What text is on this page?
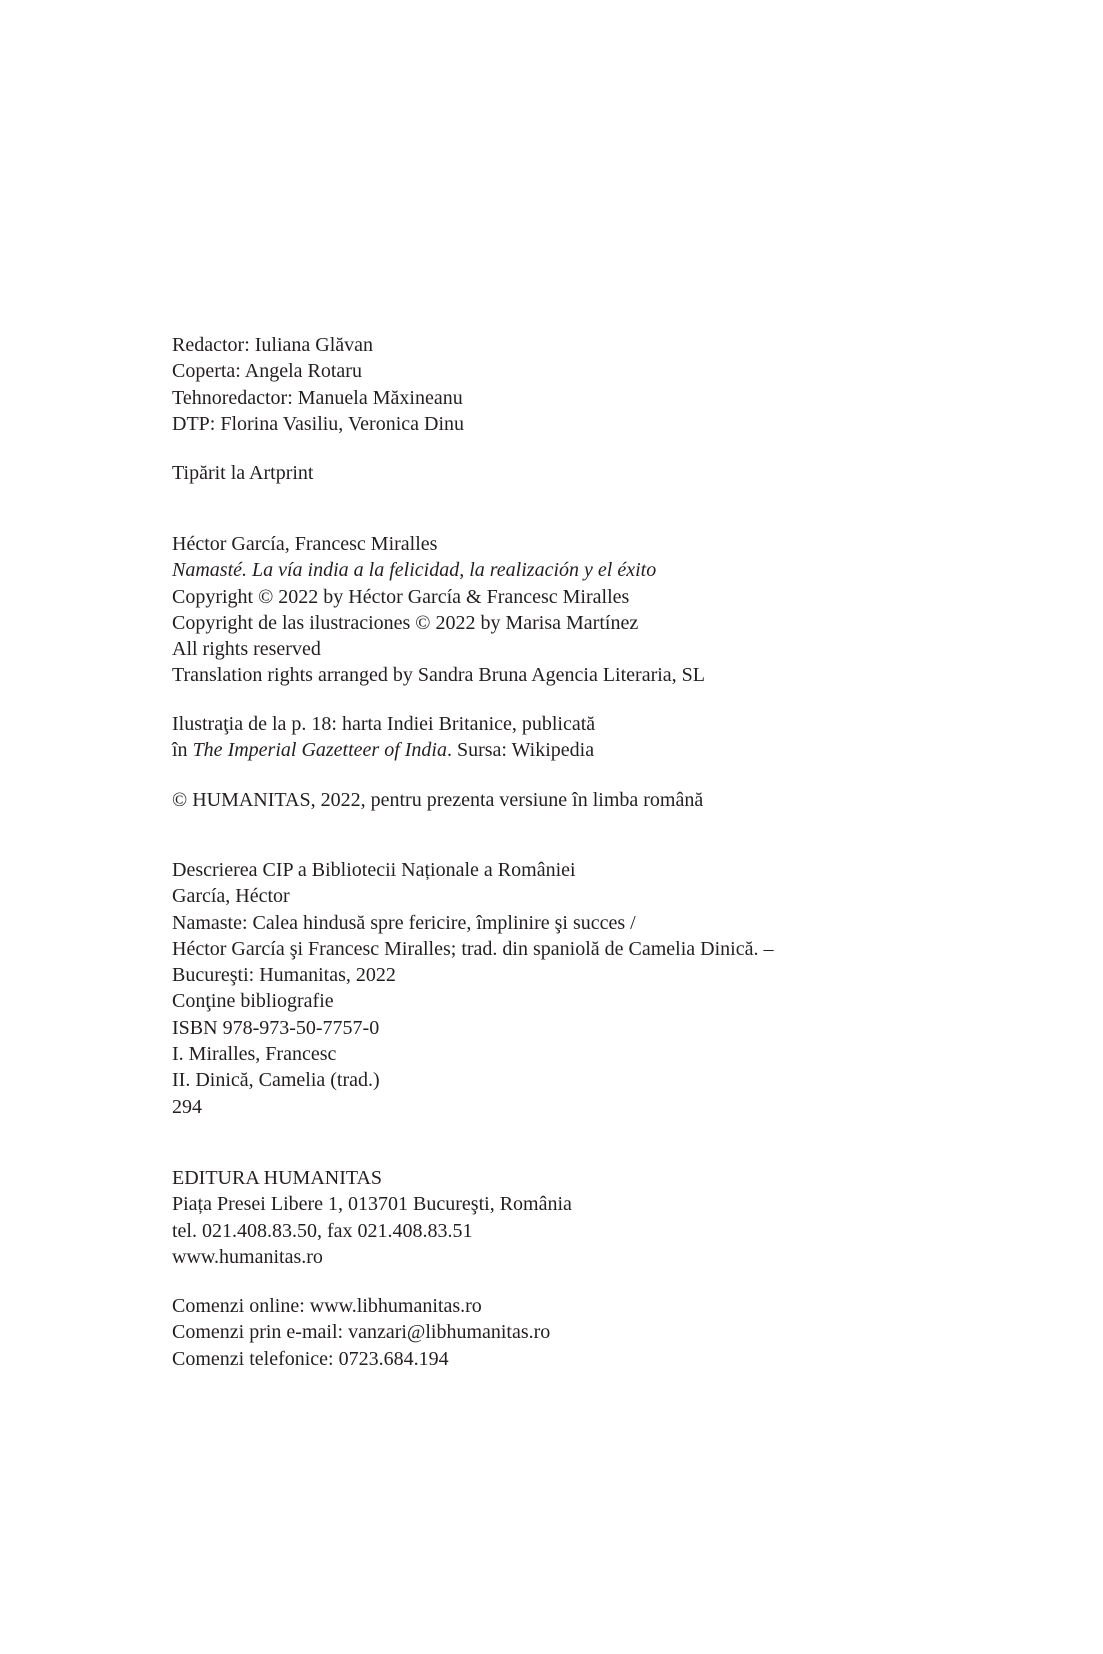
Redactor: Iuliana Glăvan
Coperta: Angela Rotaru
Tehnoredactor: Manuela Măxineanu
DTP: Florina Vasiliu, Veronica Dinu
Tipărit la Artprint
Héctor García, Francesc Miralles
Namasté. La vía india a la felicidad, la realización y el éxito
Copyright © 2022 by Héctor García & Francesc Miralles
Copyright de las ilustraciones © 2022 by Marisa Martínez
All rights reserved
Translation rights arranged by Sandra Bruna Agencia Literaria, SL
Ilustraţia de la p. 18: harta Indiei Britanice, publicată
în The Imperial Gazetteer of India. Sursa: Wikipedia
© HUMANITAS, 2022, pentru prezenta versiune în limba română
Descrierea CIP a Bibliotecii Naționale a României
García, Héctor
Namaste: Calea hindusă spre fericire, împlinire şi succes /
Héctor García şi Francesc Miralles; trad. din spaniolă de Camelia Dinică. –
Bucureşti: Humanitas, 2022
Conţine bibliografie
ISBN 978-973-50-7757-0
I. Miralles, Francesc
II. Dinică, Camelia (trad.)
294
EDITURA HUMANITAS
Piața Presei Libere 1, 013701 Bucureşti, România
tel. 021.408.83.50, fax 021.408.83.51
www.humanitas.ro
Comenzi online: www.libhumanitas.ro
Comenzi prin e-mail: vanzari@libhumanitas.ro
Comenzi telefonice: 0723.684.194
